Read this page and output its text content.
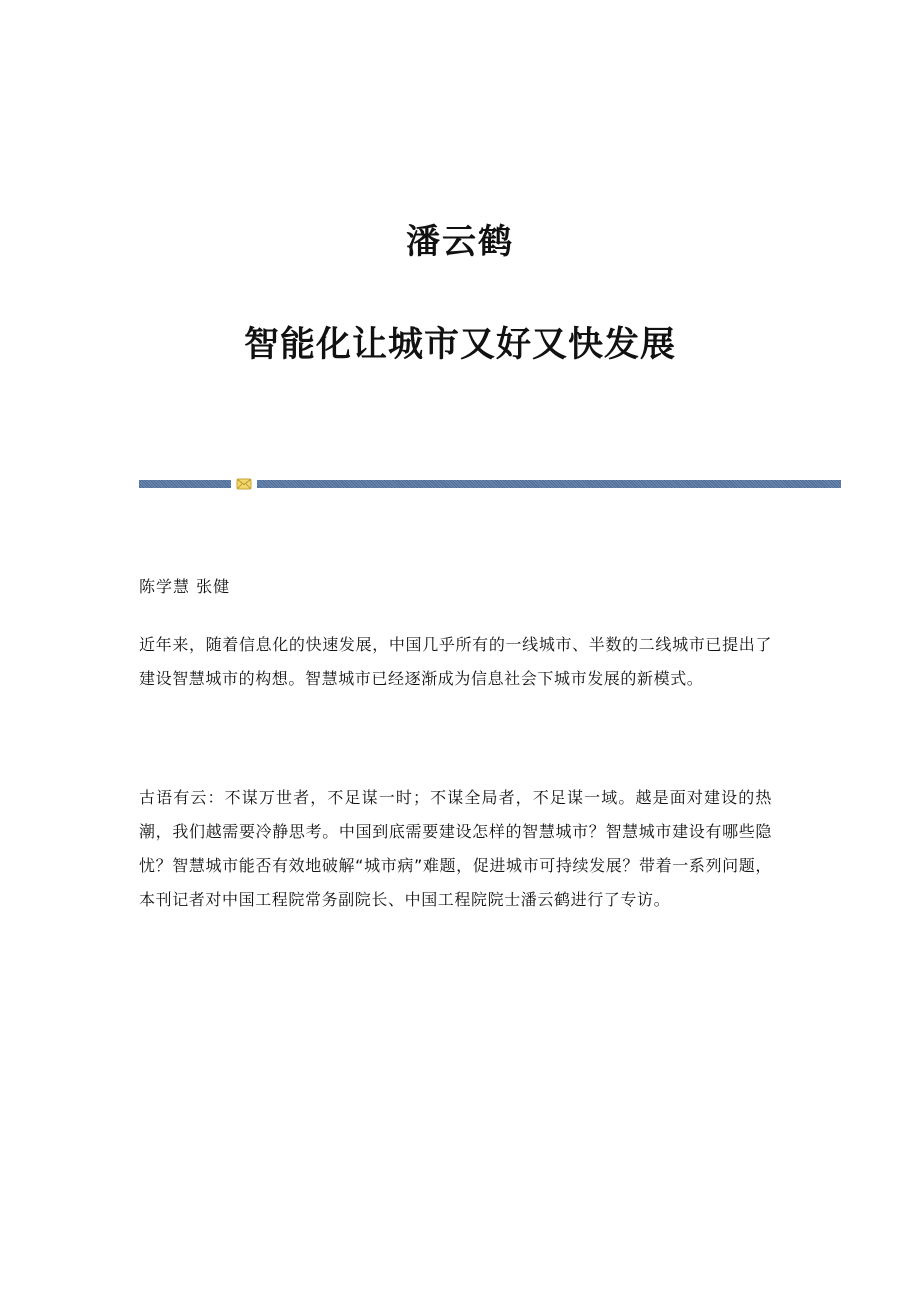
潘云鹤
智能化让城市又好又快发展
陈学慧 张健
近年来，随着信息化的快速发展，中国几乎所有的一线城市、半数的二线城市已提出了建设智慧城市的构想。智慧城市已经逐渐成为信息社会下城市发展的新模式。
古语有云：不谋万世者，不足谋一时；不谋全局者，不足谋一域。越是面对建设的热潮，我们越需要冷静思考。中国到底需要建设怎样的智慧城市？智慧城市建设有哪些隐忧？智慧城市能否有效地破解“城市病”难题，促进城市可持续发展？带着一系列问题，本刊记者对中国工程院常务副院长、中国工程院院士潘云鹤进行了专访。
